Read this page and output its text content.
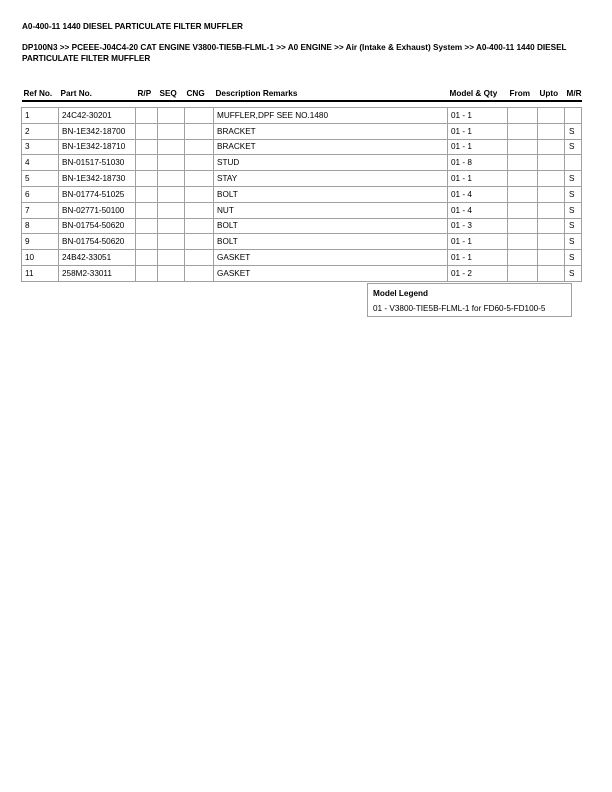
A0-400-11 1440 DIESEL PARTICULATE FILTER MUFFLER
DP100N3 >> PCEEE-J04C4-20 CAT ENGINE V3800-TIE5B-FLML-1 >> A0 ENGINE >> Air (Intake & Exhaust) System >> A0-400-11 1440 DIESEL PARTICULATE FILTER MUFFLER
Ref No.	Part No.	R/P	SEQ	CNG	Description Remarks	Model & Qty	From	Upto	M/R

1	24C42-30201				MUFFLER,DPF SEE NO.1480	01 - 1			
2	BN-1E342-18700				BRACKET	01 - 1			S
3	BN-1E342-18710				BRACKET	01 - 1			S
4	BN-01517-51030				STUD	01 - 8			
5	BN-1E342-18730				STAY	01 - 1			S
6	BN-01774-51025				BOLT	01 - 4			S
7	BN-02771-50100				NUT	01 - 4			S
8	BN-01754-50620				BOLT	01 - 3			S
9	BN-01754-50620				BOLT	01 - 1			S
10	24B42-33051				GASKET	01 - 1			S
11	258M2-33011				GASKET	01 - 2			S
Model Legend
01 - V3800-TIE5B-FLML-1 for FD60-5-FD100-5
